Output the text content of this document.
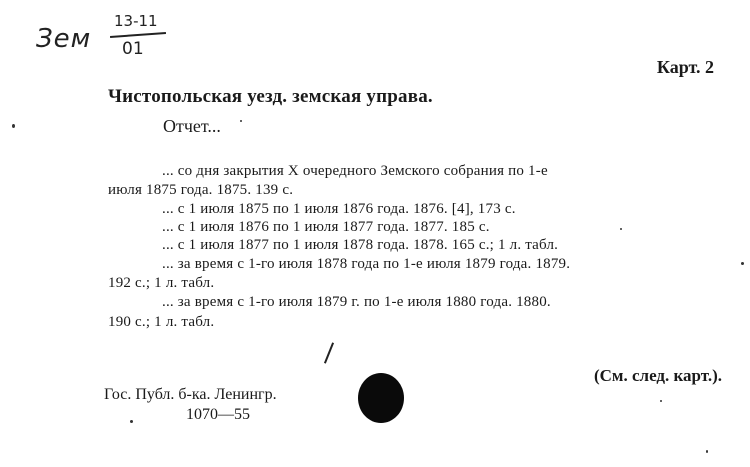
Зем
13-11
01
Карт. 2
Чистопольская уезд. земская управа.
Отчет...
... со дня закрытия X очередного Земского собрания по 1-е
июля 1875 года. 1875. 139 с.
... с 1 июля 1875 по 1 июля 1876 года. 1876. [4], 173 с.
... с 1 июля 1876 по 1 июля 1877 года. 1877. 185 с.
... с 1 июля 1877 по 1 июля 1878 года. 1878. 165 с.; 1 л. табл.
... за время с 1-го июля 1878 года по 1-е июля 1879 года. 1879.
192 с.; 1 л. табл.
... за время с 1-го июля 1879 г. по 1-е июля 1880 года. 1880.
190 с.; 1 л. табл.
(См. след. карт.).
Гос. Публ. б-ка. Ленингр.
1070—55
